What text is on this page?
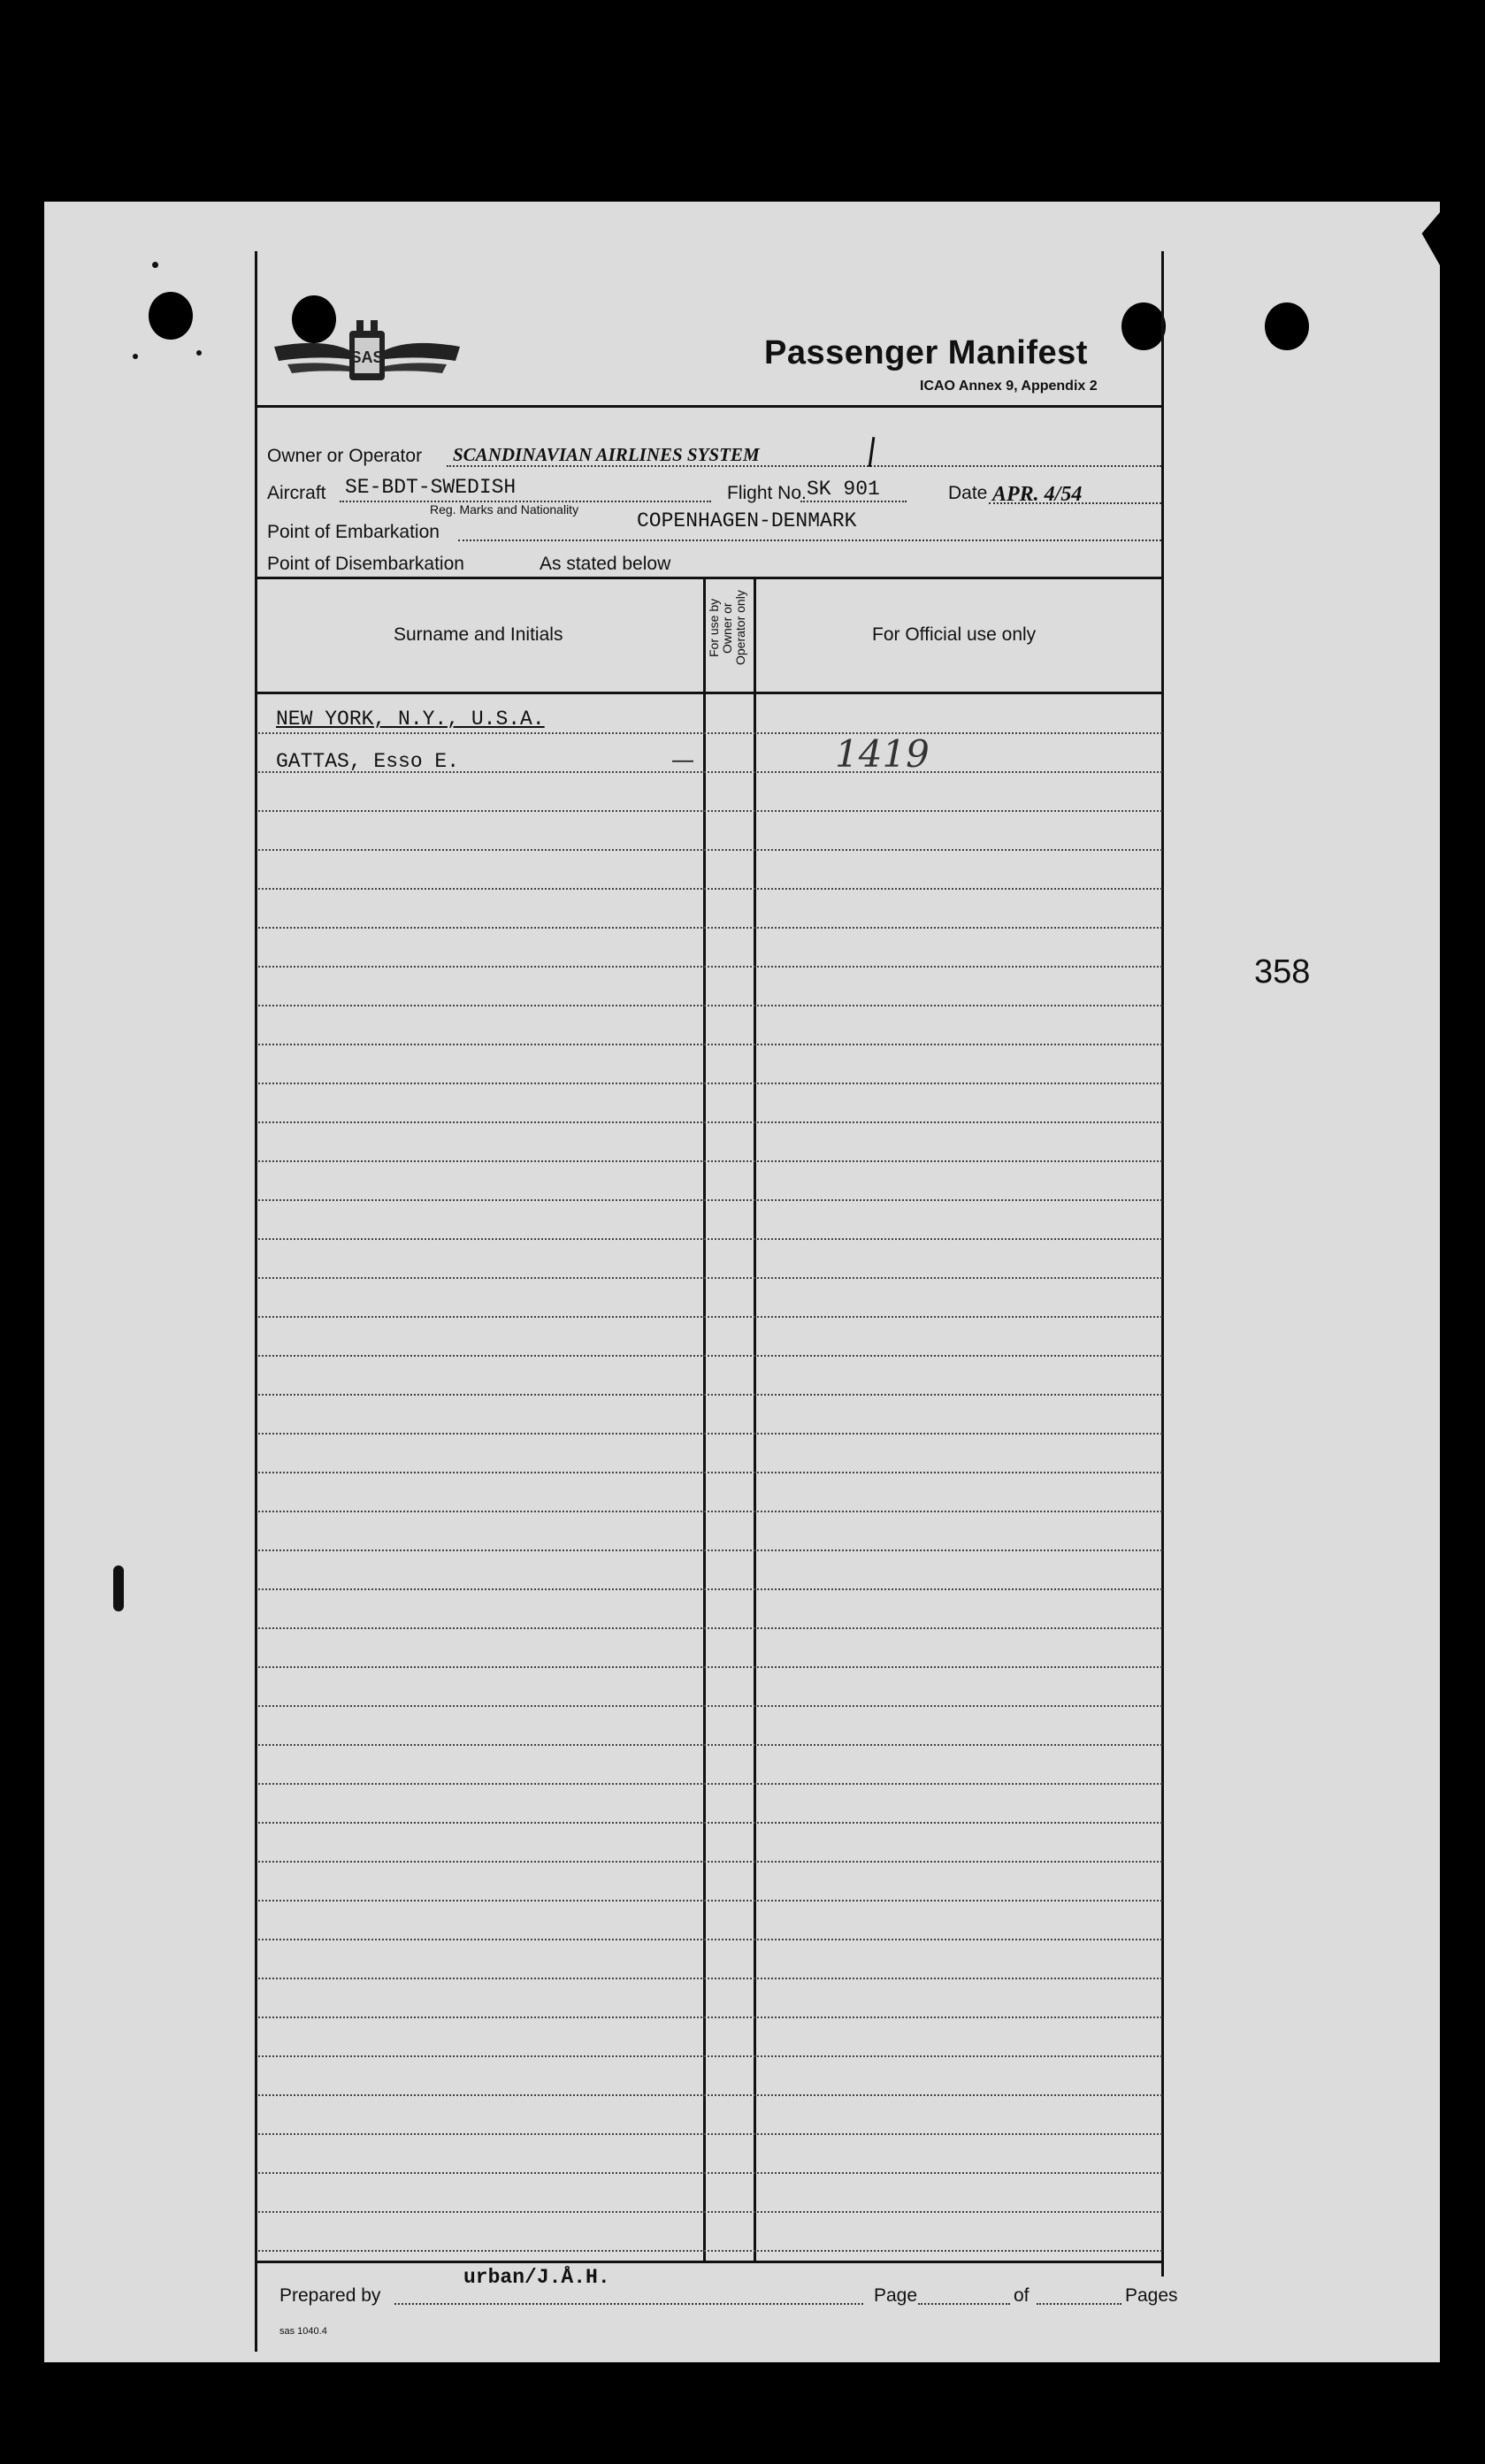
SAS	Passenger Manifest
ICAO Annex 9, Appendix 2
Owner or Operator SCANDINAVIAN AIRLINES SYSTEM
Aircraft SE-BDT-SWEDISH
Reg. Marks and Nationality
Flight No. SK 901	Date APR. 4/54
Point of Embarkation	COPENHAGEN-DENMARK
Point of Disembarkation	As stated below
Surname and Initials	For use by Owner or Operator only	For Official use only
NEW YORK, N.Y., U.S.A.
GATTAS, Esso E.	—	1419
Prepared by
urban/J.Å.H.
Page	of	Pages
sas 1040.4
358
